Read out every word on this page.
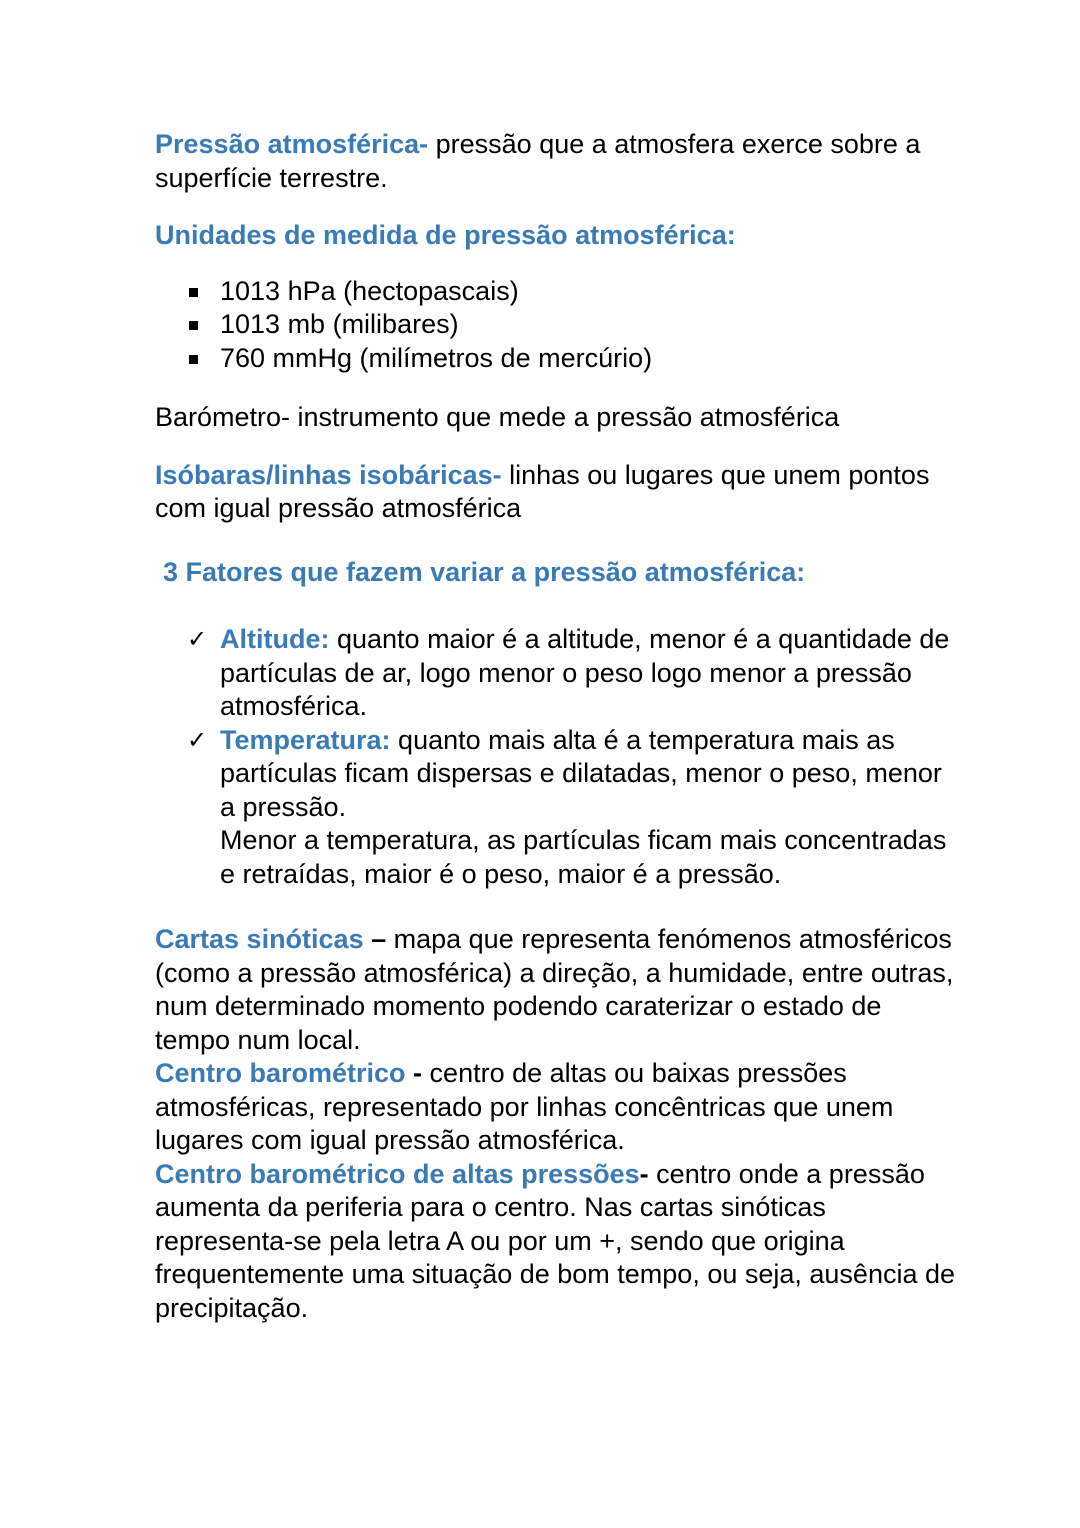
Pressão atmosférica- pressão que a atmosfera exerce sobre a superfície terrestre.

Unidades de medida de pressão atmosférica:

1013 hPa (hectopascais)
1013 mb (milibares)
760 mmHg (milímetros de mercúrio)

Barómetro- instrumento que mede a pressão atmosférica

Isóbaras/linhas isobáricas- linhas ou lugares que unem pontos com igual pressão atmosférica

3 Fatores que fazem variar a pressão atmosférica:

✓ Altitude: quanto maior é a altitude, menor é a quantidade de partículas de ar, logo menor o peso logo menor a pressão atmosférica.
✓ Temperatura: quanto mais alta é a temperatura mais as partículas ficam dispersas e dilatadas, menor o peso, menor a pressão.
Menor a temperatura, as partículas ficam mais concentradas e retraídas, maior é o peso, maior é a pressão.

Cartas sinóticas – mapa que representa fenómenos atmosféricos (como a pressão atmosférica) a direção, a humidade, entre outras, num determinado momento podendo caraterizar o estado de tempo num local.

Centro barométrico - centro de altas ou baixas pressões atmosféricas, representado por linhas concêntricas que unem lugares com igual pressão atmosférica.

Centro barométrico de altas pressões- centro onde a pressão aumenta da periferia para o centro. Nas cartas sinóticas representa-se pela letra A ou por um +, sendo que origina frequentemente uma situação de bom tempo, ou seja, ausência de precipitação.
